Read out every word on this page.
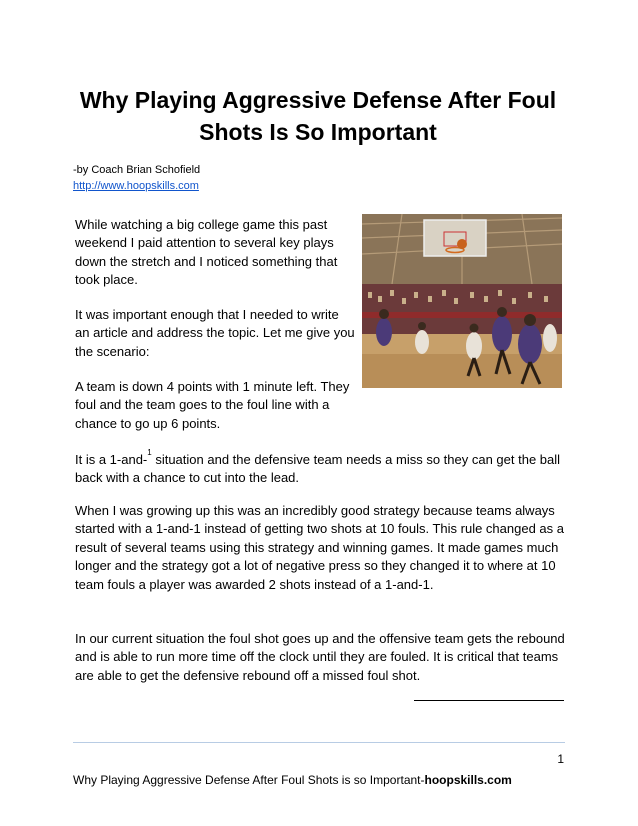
Why Playing Aggressive Defense After Foul Shots Is So Important
-by Coach Brian Schofield
http://www.hoopskills.com
While watching a big college game this past weekend I paid attention to several key plays down the stretch and I noticed something that took place.
It was important enough that I needed to write an article and address the topic. Let me give you the scenario:
A team is down 4 points with 1 minute left. They foul and the team goes to the foul line with a chance to go up 6 points.
It is a 1-and-$^1$ situation and the defensive team needs a miss so they can get the ball back with a chance to cut into the lead.
When I was growing up this was an incredibly good strategy because teams always started with a 1-and-1 instead of getting two shots at 10 fouls. This rule changed as a result of several teams using this strategy and winning games. It made games much longer and the strategy got a lot of negative press so they changed it to where at 10 team fouls a player was awarded 2 shots instead of a 1-and-1.
In our current situation the foul shot goes up and the offensive team gets the rebound and is able to run more time off the clock until they are fouled. It is critical that teams are able to get the defensive rebound off a missed foul shot.
1
Why Playing Aggressive Defense After Foul Shots is so Important-hoopskills.com
